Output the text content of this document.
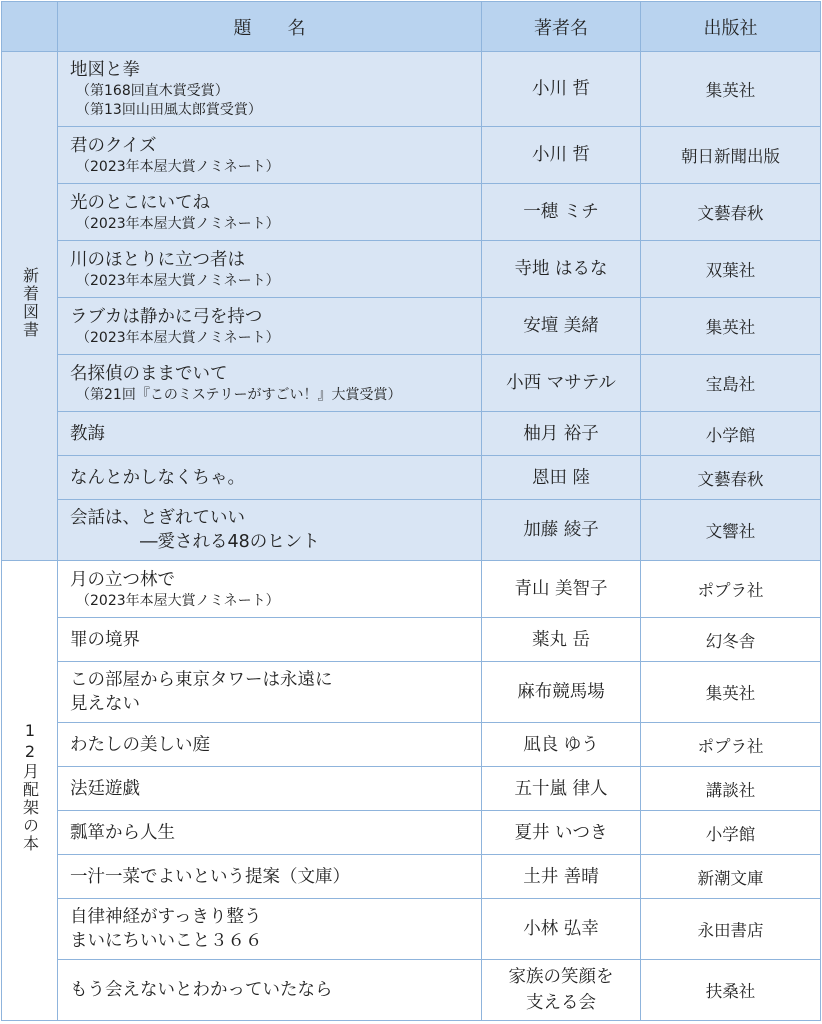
	題　　名	著者名	出版社
新着図書	地図と拳
（第168回直木賞受賞）
（第13回山田風太郎賞受賞）	小川 哲	集英社

	君のクイズ
（2023年本屋大賞ノミネート）	小川 哲	朝日新聞出版

	光のとこにいてね
（2023年本屋大賞ノミネート）	一穂 ミチ	文藝春秋

	川のほとりに立つ者は
（2023年本屋大賞ノミネート）	寺地 はるな	双葉社

	ラブカは静かに弓を持つ
（2023年本屋大賞ノミネート）	安壇 美緒	集英社

	名探偵のままでいて
（第21回『このミステリーがすごい！』大賞受賞）	小西 マサテル	宝島社

	教誨	柚月 裕子	小学館

	なんとかしなくちゃ。	恩田 陸	文藝春秋

	会話は、とぎれていい
　　　　―愛される48のヒント	加藤 綾子	文響社
12月配架の本	月の立つ林で
（2023年本屋大賞ノミネート）	青山 美智子	ポプラ社

	罪の境界	薬丸 岳	幻冬舎

	この部屋から東京タワーは永遠に
見えない	麻布競馬場	集英社

	わたしの美しい庭	凪良 ゆう	ポプラ社

	法廷遊戯	五十嵐 律人	講談社

	瓢箪から人生	夏井 いつき	小学館

	一汁一菜でよいという提案（文庫）	土井 善晴	新潮文庫

	自律神経がすっきり整う
まいにちいいこと３６６	小林 弘幸	永田書店

	もう会えないとわかっていたなら	家族の笑顔を
支える会	扶桑社
